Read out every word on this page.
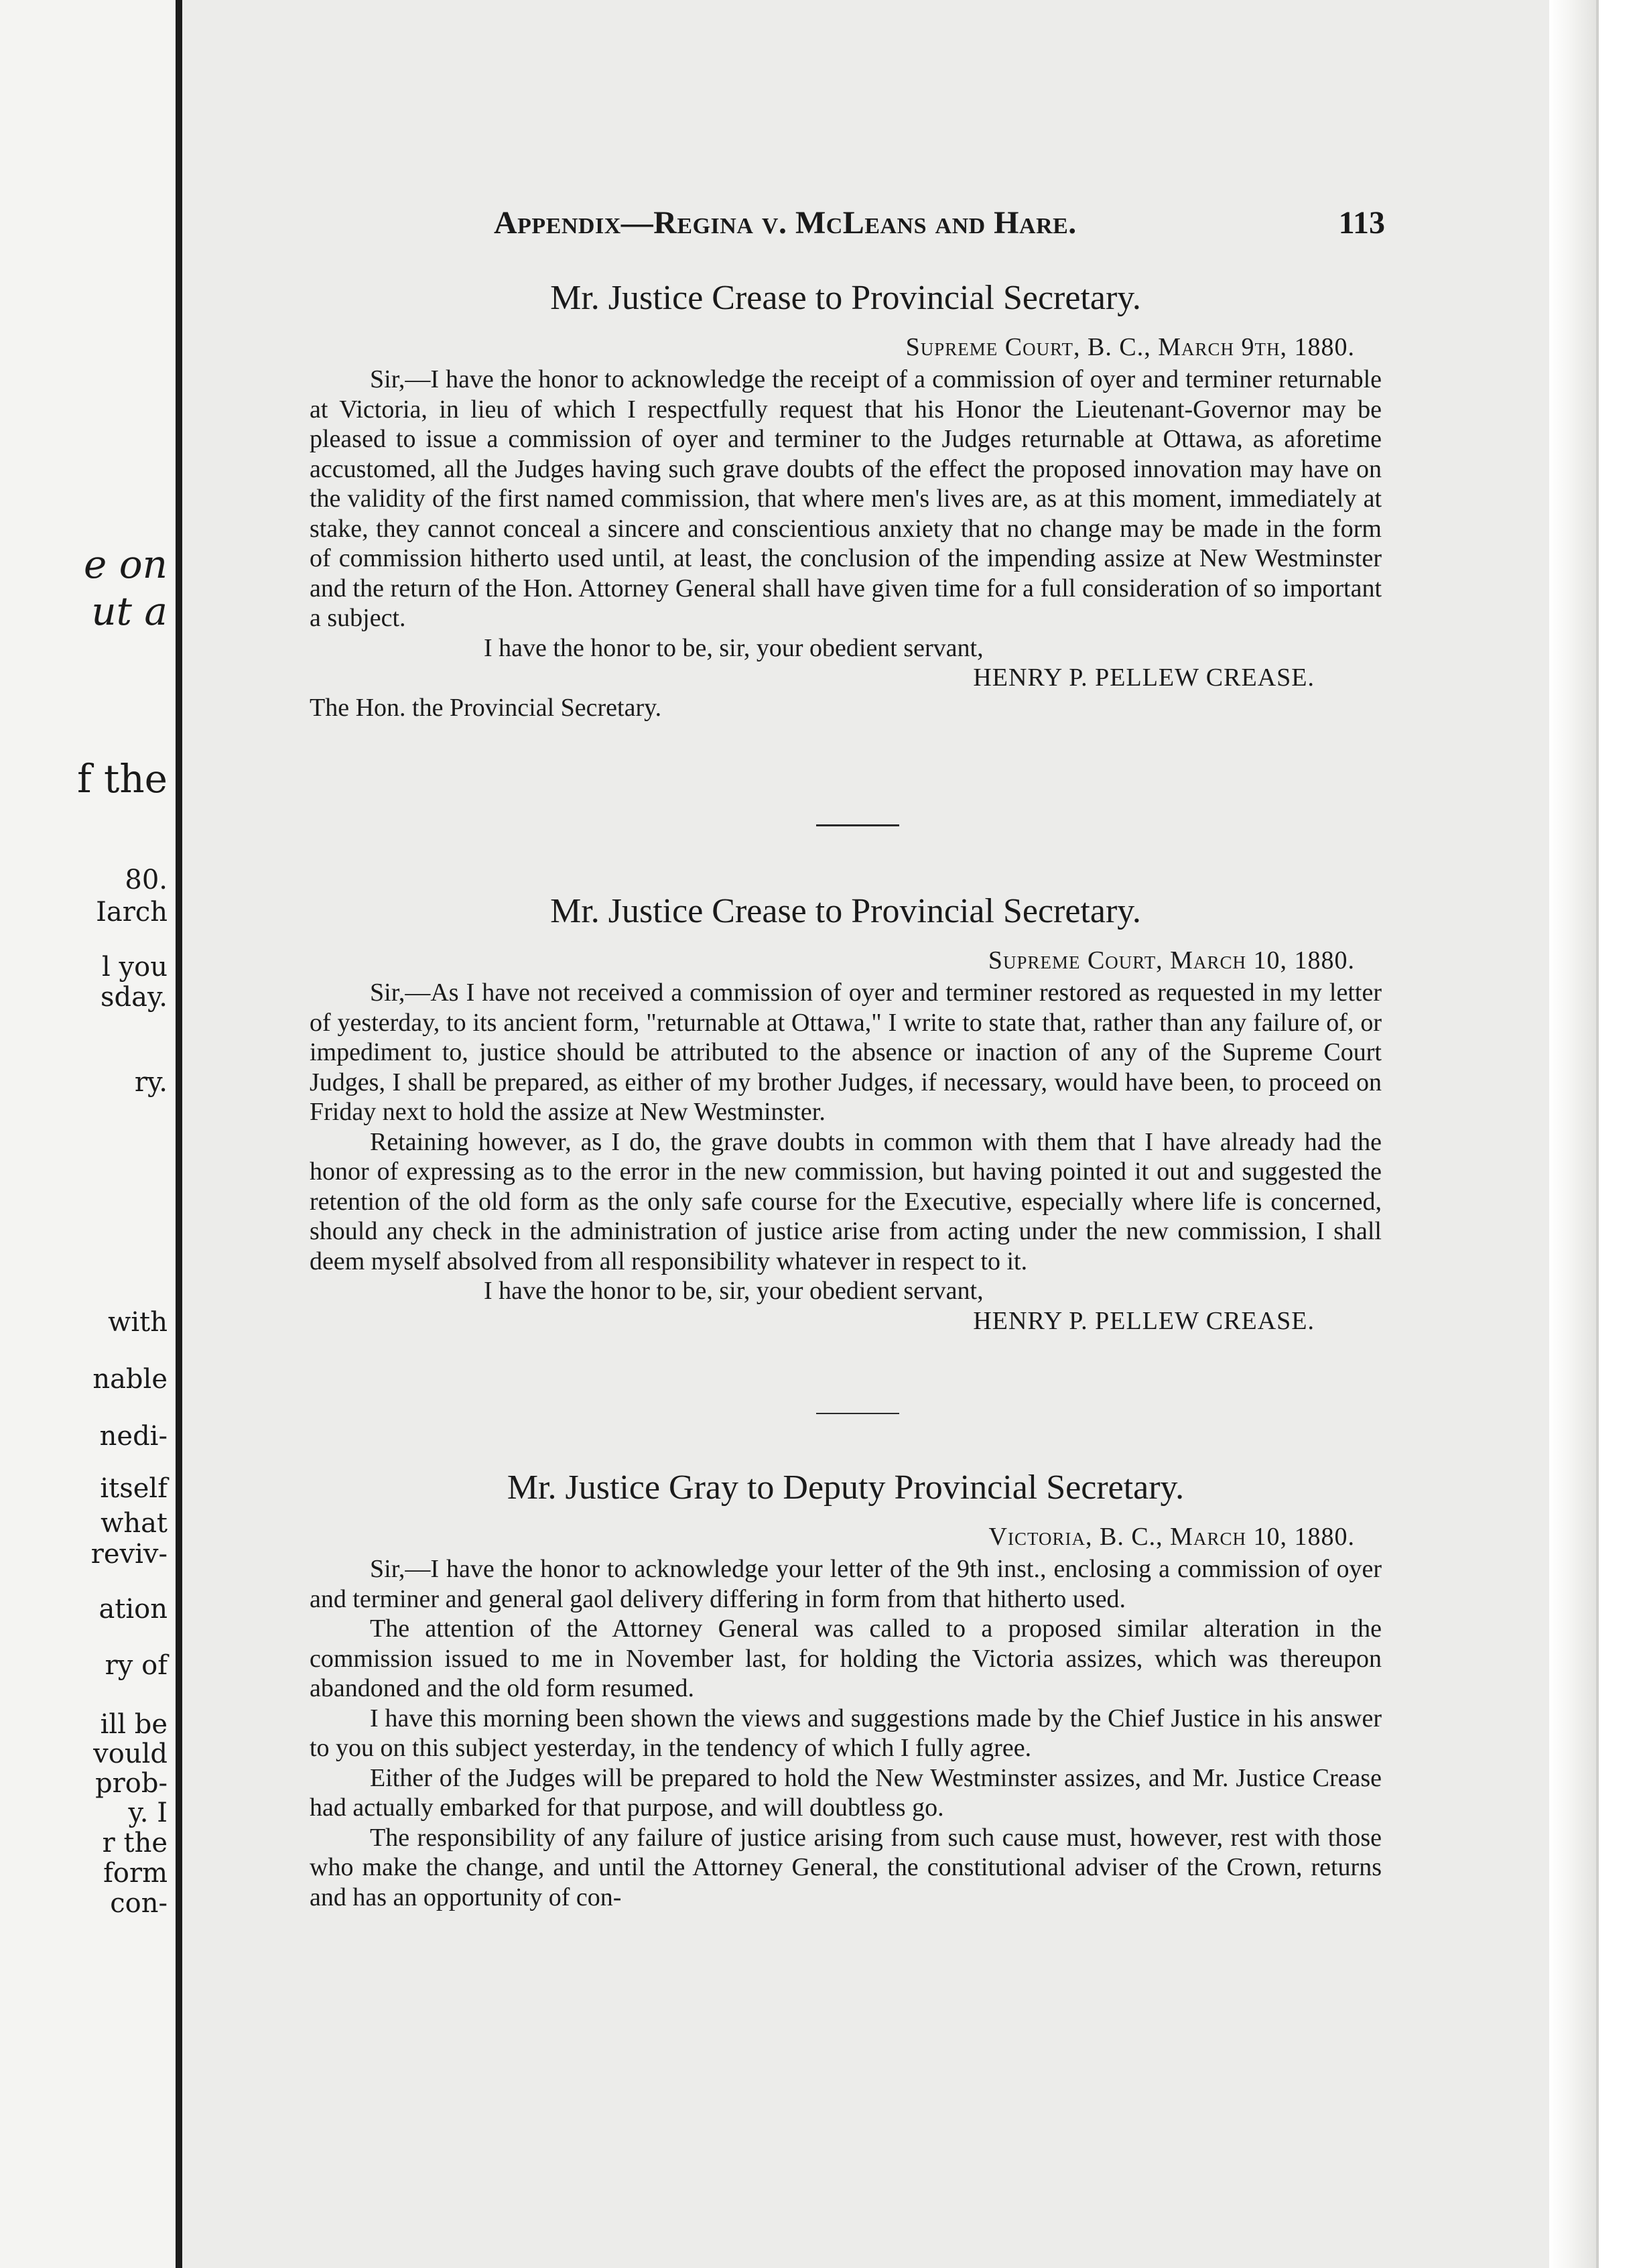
e on
ut a
f the
80.
Iarch
l you
sday.
ry.
with
nable
nedi-
itself
what
reviv-
ation
ry of
ill be
vould
prob-
y. I
r the
form
con-
Appendix—Regina v. McLeans and Hare.	113
Mr. Justice Crease to Provincial Secretary.
Supreme Court, B. C., March 9th, 1880.

Sir,—I have the honor to acknowledge the receipt of a commission of oyer and terminer returnable at Victoria, in lieu of which I respectfully request that his Honor the Lieutenant-Governor may be pleased to issue a commission of oyer and terminer to the Judges returnable at Ottawa, as aforetime accustomed, all the Judges having such grave doubts of the effect the proposed innovation may have on the validity of the first named commission, that where men's lives are, as at this moment, immediately at stake, they cannot conceal a sincere and conscientious anxiety that no change may be made in the form of commission hitherto used until, at least, the conclusion of the impending assize at New Westminster and the return of the Hon. Attorney General shall have given time for a full consideration of so important a subject.

I have the honor to be, sir, your obedient servant,
HENRY P. PELLEW CREASE.
The Hon. the Provincial Secretary.
Mr. Justice Crease to Provincial Secretary.
Supreme Court, March 10, 1880.

Sir,—As I have not received a commission of oyer and terminer restored as requested in my letter of yesterday, to its ancient form, "returnable at Ottawa," I write to state that, rather than any failure of, or impediment to, justice should be attributed to the absence or inaction of any of the Supreme Court Judges, I shall be prepared, as either of my brother Judges, if necessary, would have been, to proceed on Friday next to hold the assize at New Westminster.

Retaining however, as I do, the grave doubts in common with them that I have already had the honor of expressing as to the error in the new commission, but having pointed it out and suggested the retention of the old form as the only safe course for the Executive, especially where life is concerned, should any check in the administration of justice arise from acting under the new commission, I shall deem myself absolved from all responsibility whatever in respect to it.

I have the honor to be, sir, your obedient servant,
HENRY P. PELLEW CREASE.
Mr. Justice Gray to Deputy Provincial Secretary.
Victoria, B. C., March 10, 1880.

Sir,—I have the honor to acknowledge your letter of the 9th inst., enclosing a commission of oyer and terminer and general gaol delivery differing in form from that hitherto used.

The attention of the Attorney General was called to a proposed similar alteration in the commission issued to me in November last, for holding the Victoria assizes, which was thereupon abandoned and the old form resumed.

I have this morning been shown the views and suggestions made by the Chief Justice in his answer to you on this subject yesterday, in the tendency of which I fully agree.

Either of the Judges will be prepared to hold the New Westminster assizes, and Mr. Justice Crease had actually embarked for that purpose, and will doubtless go.

The responsibility of any failure of justice arising from such cause must, however, rest with those who make the change, and until the Attorney General, the constitutional adviser of the Crown, returns and has an opportunity of con-
